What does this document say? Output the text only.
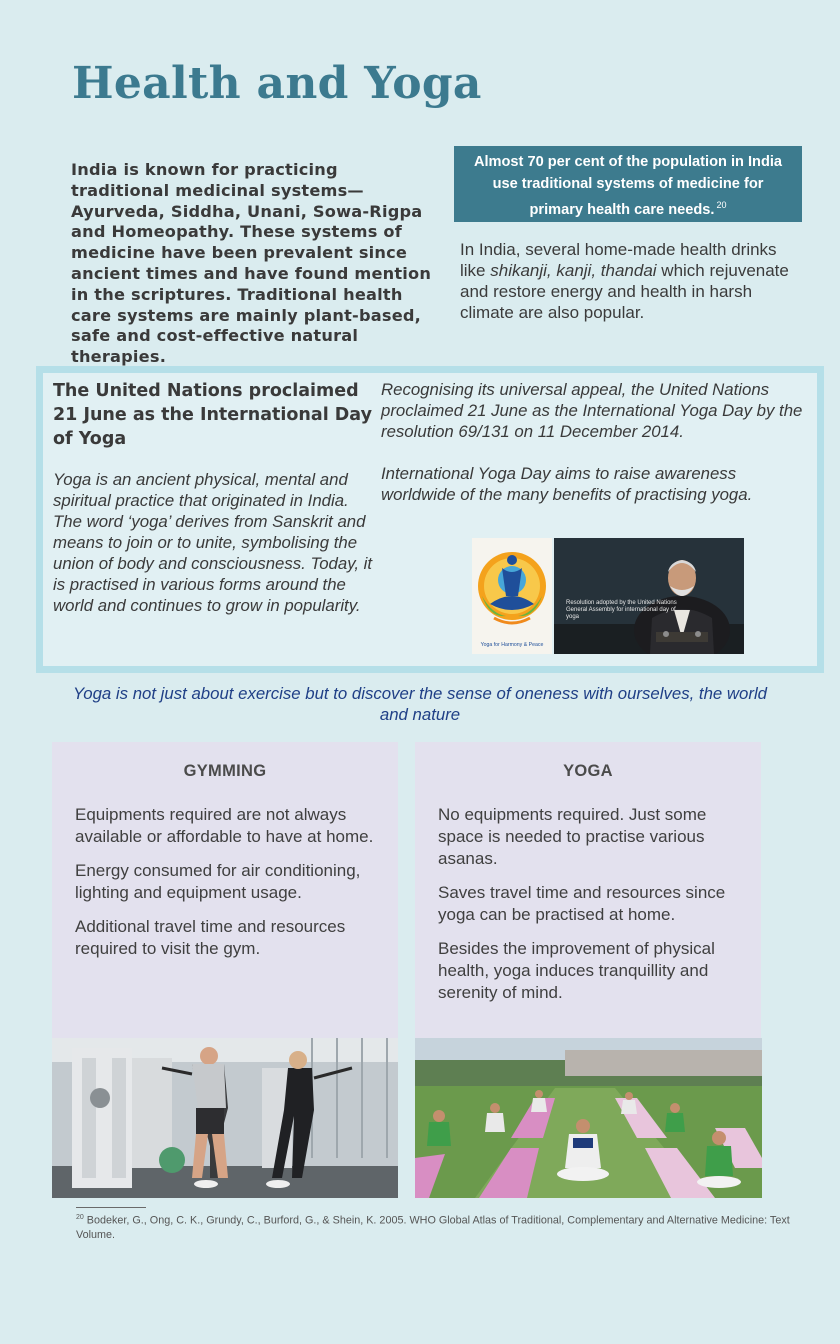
Health and Yoga

India is known for practicing traditional medicinal systems—Ayurveda, Siddha, Unani, Sowa-Rigpa and Homeopathy. These systems of medicine have been prevalent since ancient times and have found mention in the scriptures. Traditional health care systems are mainly plant-based, safe and cost-effective natural therapies.

Almost 70 per cent of the population in India use traditional systems of medicine for primary health care needs. $^{20}$

In India, several home-made health drinks like shikanji, kanji, thandai which rejuvenate and restore energy and health in harsh climate are also popular.

The United Nations proclaimed 21 June as the International Day of Yoga

Yoga is an ancient physical, mental and spiritual practice that originated in India. The word ‘yoga’ derives from Sanskrit and means to join or to unite, symbolising the union of body and consciousness. Today, it is practised in various forms around the world and continues to grow in popularity.

Recognising its universal appeal, the United Nations proclaimed 21 June as the International Yoga Day by the resolution 69/131 on 11 December 2014.

International Yoga Day aims to raise awareness worldwide of the many benefits of practising yoga.

Yoga for Harmony & Peace
Resolution adopted by the United Nations General Assembly for international day of yoga

Yoga is not just about exercise but to discover the sense of oneness with ourselves, the world and nature

GYMMING

Equipments required are not always available or affordable to have at home.

Energy consumed for air conditioning, lighting and equipment usage.

Additional travel time and resources required to visit the gym.

YOGA

No equipments required. Just some space is needed to practise various asanas.

Saves travel time and resources since yoga can be practised at home.

Besides the improvement of physical health, yoga induces tranquillity and serenity of mind.

$^{20}$ Bodeker, G., Ong, C. K., Grundy, C., Burford, G., & Shein, K. 2005. WHO Global Atlas of Traditional, Complementary and Alternative Medicine: Text Volume.
